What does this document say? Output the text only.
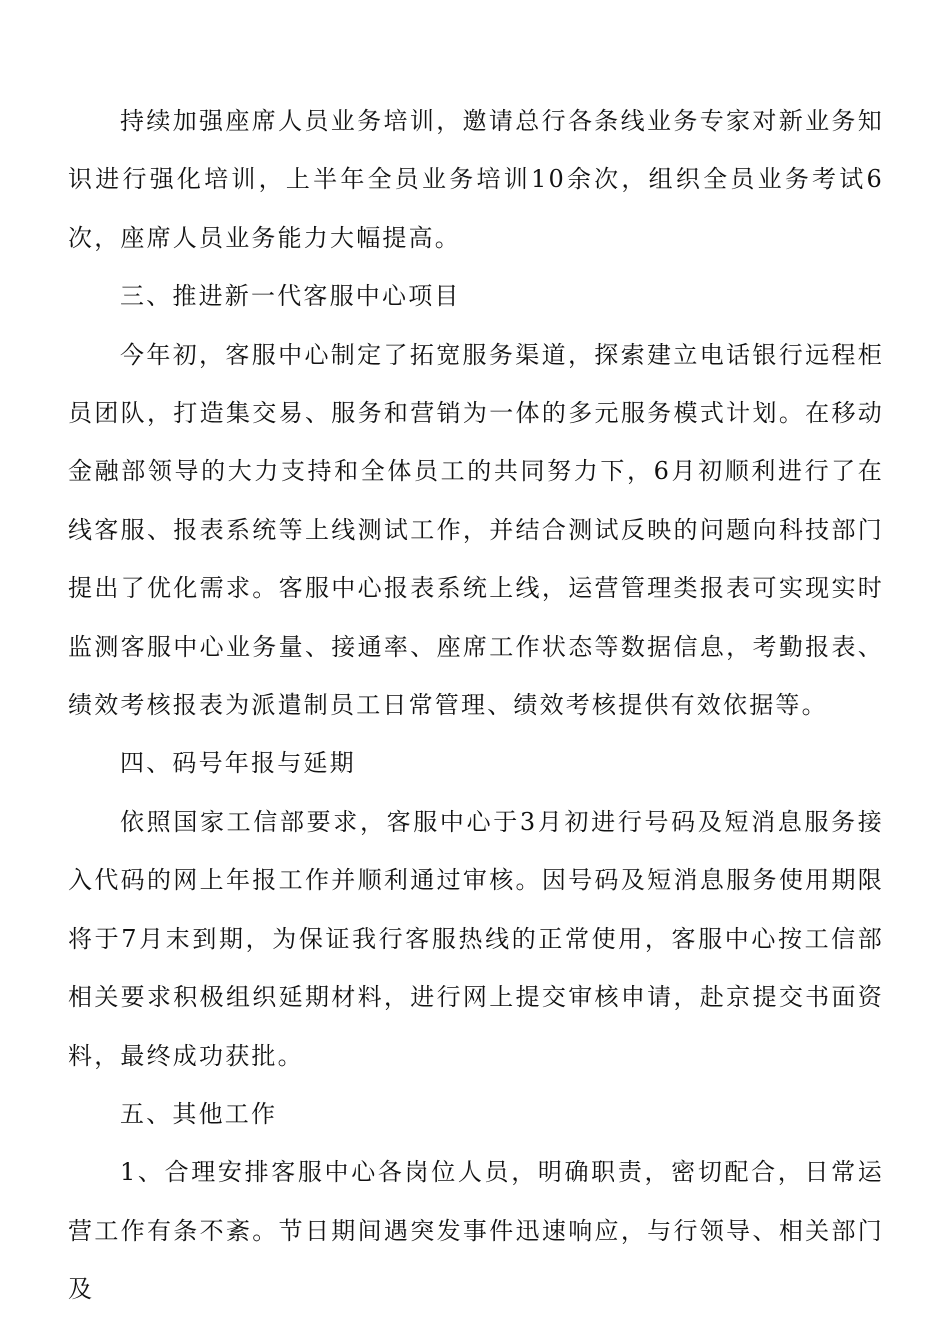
持续加强座席人员业务培训，邀请总行各条线业务专家对新业务知识进行强化培训，上半年全员业务培训10余次，组织全员业务考试6次，座席人员业务能力大幅提高。

三、推进新一代客服中心项目

今年初，客服中心制定了拓宽服务渠道，探索建立电话银行远程柜员团队，打造集交易、服务和营销为一体的多元服务模式计划。在移动金融部领导的大力支持和全体员工的共同努力下，6月初顺利进行了在线客服、报表系统等上线测试工作，并结合测试反映的问题向科技部门提出了优化需求。客服中心报表系统上线，运营管理类报表可实现实时监测客服中心业务量、接通率、座席工作状态等数据信息，考勤报表、绩效考核报表为派遣制员工日常管理、绩效考核提供有效依据等。

四、码号年报与延期

依照国家工信部要求，客服中心于3月初进行号码及短消息服务接入代码的网上年报工作并顺利通过审核。因号码及短消息服务使用期限将于7月末到期，为保证我行客服热线的正常使用，客服中心按工信部相关要求积极组织延期材料，进行网上提交审核申请，赴京提交书面资料，最终成功获批。

五、其他工作

1、合理安排客服中心各岗位人员，明确职责，密切配合，日常运营工作有条不紊。节日期间遇突发事件迅速响应，与行领导、相关部门及
